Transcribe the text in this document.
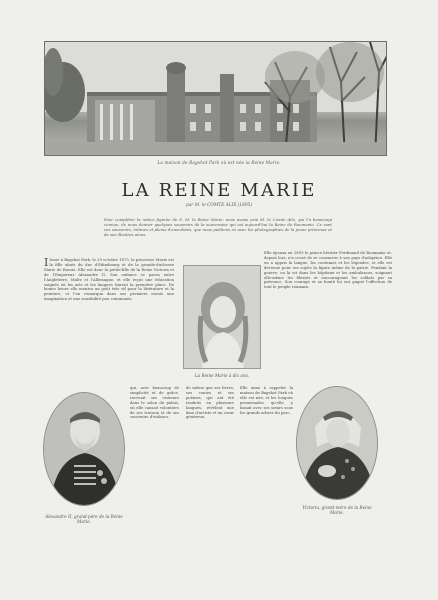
La maison de Bagshot Park où est née la Reine Marie.
LA REINE MARIE
par M. le COMTE ALIX (1895)
Pour compléter la notice figurée de S. M. la Reine Marie, nous avons prié M. le Comte Alix, qui l'a beaucoup connue, de nous donner quelques souvenirs de la souveraine qui est aujourd'hui la Reine de Roumanie. Ce sont ces souvenirs, intimes et pleins d'anecdotes, que nous publions ici avec les photographies de la jeune princesse et de ses illustres aïeux.
I Issue à Bagshot Park, le 29 octobre 1875, la princesse Marie est la fille aînée du duc d'Édimbourg et de la grande-duchesse Marie de Russie. Elle est donc la petite-fille de la Reine Victoria et de l'Empereur Alexandre II. Son enfance se passa entre l'Angleterre, Malte et l'Allemagne, et elle reçut une éducation soignée où les arts et les langues tinrent la première place. De bonne heure elle montra un goût très vif pour la littérature et la peinture, et l'on remarqua dans ses premiers essais une imagination et une sensibilité peu communes.
La Reine Marie à dix ans.
Elle épousa en 1893 le prince héritier Ferdinand de Roumanie et, depuis lors, n'a cessé de se consacrer à son pays d'adoption. Elle en a appris la langue, les coutumes et les légendes, et elle est devenue pour ses sujets la figure même de la patrie. Pendant la guerre, on la vit dans les hôpitaux et les ambulances, soignant elle-même les blessés et encourageant les soldats par sa présence. Son courage et sa bonté lui ont gagné l'affection de tout le peuple roumain.
Alexandre II, grand-père de la Reine Marie.
qui, avec beaucoup de simplicité et de grâce, recevait ses visiteurs dans le salon du palais, où elle causait volontiers de ses travaux et de ses souvenirs d'enfance.
de même que ses livres, ses contes et ses poèmes, qui ont été traduits en plusieurs langues, révèlent une âme d'artiste et un cœur généreux.
Elle aime à rappeler la maison de Bagshot Park où elle est née, et les longues promenades qu'elle y faisait avec ses sœurs sous les grands arbres du parc.
Victoria, grand-mère de la Reine Marie.
